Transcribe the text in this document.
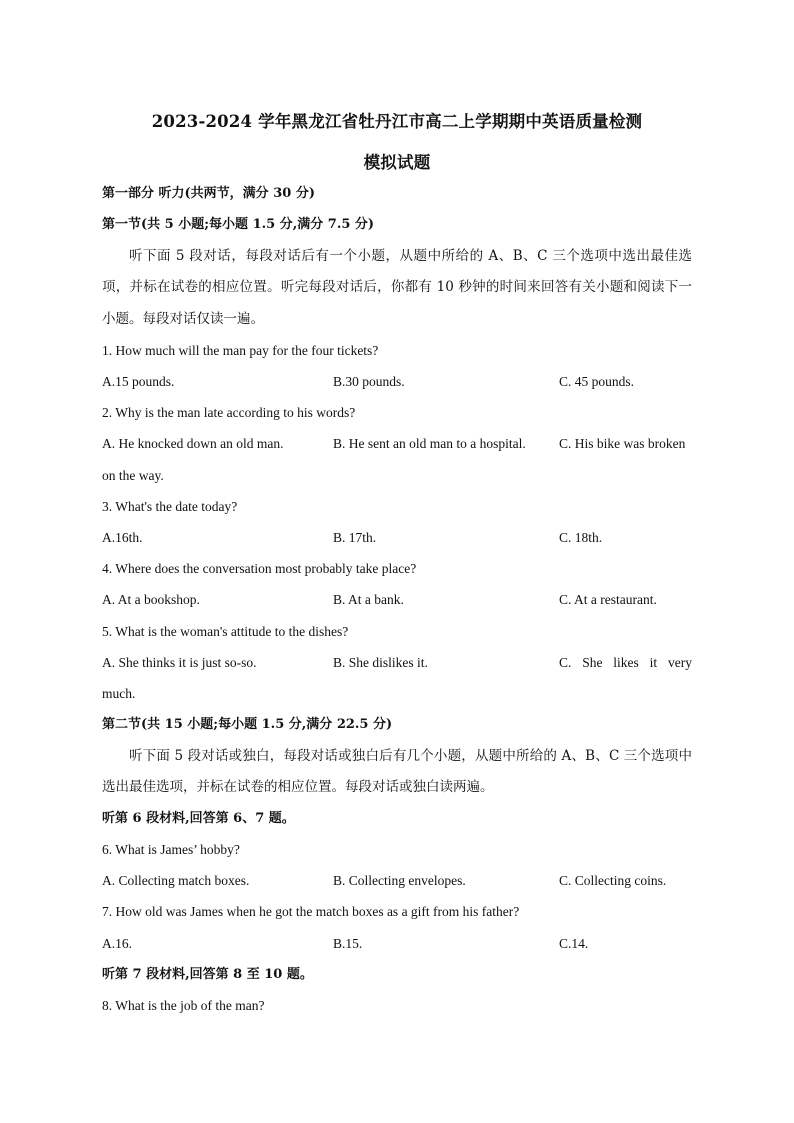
2023-2024 学年黑龙江省牡丹江市高二上学期期中英语质量检测
模拟试题
第一部分 听力(共两节，满分 30 分)
第一节(共 5 小题;每小题 1.5 分,满分 7.5 分)
听下面 5 段对话，每段对话后有一个小题，从题中所给的 A、B、C 三个选项中选出最佳选项，并标在试卷的相应位置。听完每段对话后，你都有 10 秒钟的时间来回答有关小题和阅读下一小题。每段对话仅读一遍。
1. How much will the man pay for the four tickets?
A.15 pounds.	B.30 pounds.	C. 45 pounds.
2. Why is the man late according to his words?
A. He knocked down an old man.	B. He sent an old man to a hospital. C. His bike was broken
on the way.
3. What's the date today?
A.16th.	B. 17th.	C. 18th.
4. Where does the conversation most probably take place?
A. At a bookshop.	B. At a bank.	C. At a restaurant.
5. What is the woman's attitude to the dishes?
A. She thinks it is just so-so.	B. She dislikes it.	C. She likes it very
much.
第二节(共 15 小题;每小题 1.5 分,满分 22.5 分)
听下面 5 段对话或独白，每段对话或独白后有几个小题，从题中所给的 A、B、C 三个选项中选出最佳选项，并标在试卷的相应位置。每段对话或独白读两遍。
听第 6 段材料,回答第 6、7 题。
6. What is James’ hobby?
A. Collecting match boxes.	B. Collecting envelopes.	C. Collecting coins.
7. How old was James when he got the match boxes as a gift from his father?
A.16.	B.15.	C.14.
听第 7 段材料,回答第 8 至 10 题。
8. What is the job of the man?
